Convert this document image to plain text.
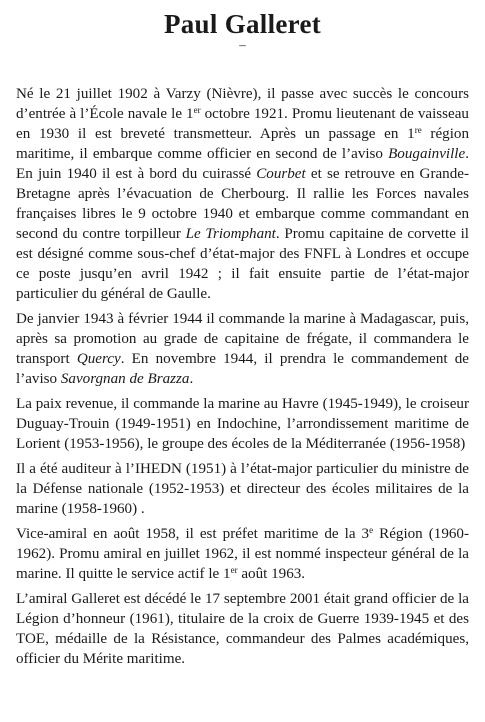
Paul Galleret
–

Né le 21 juillet 1902 à Varzy (Nièvre), il passe avec succès le concours d’entrée à l’École navale le 1er octobre 1921. Promu lieutenant de vaisseau en 1930 il est breveté transmetteur. Après un passage en 1re région maritime, il embarque comme officier en second de l’aviso Bougainville. En juin 1940 il est à bord du cuirassé Courbet et se retrouve en Grande-Bretagne après l’évacuation de Cherbourg. Il rallie les Forces navales françaises libres le 9 octobre 1940 et embarque comme commandant en second du contre torpilleur Le Triomphant. Promu capitaine de corvette il est désigné comme sous-chef d’état-major des FNFL à Londres et occupe ce poste jusqu’en avril 1942 ; il fait ensuite partie de l’état-major particulier du général de Gaulle.

De janvier 1943 à février 1944 il commande la marine à Madagascar, puis, après sa promotion au grade de capitaine de frégate, il commandera le transport Quercy. En novembre 1944, il prendra le commandement de l’aviso Savorgnan de Brazza.

La paix revenue, il commande la marine au Havre (1945-1949), le croiseur Duguay-Trouin (1949-1951) en Indochine, l’arrondissement maritime de Lorient (1953-1956), le groupe des écoles de la Méditerranée (1956-1958)

Il a été auditeur à l’IHEDN (1951) à l’état-major particulier du ministre de la Défense nationale (1952-1953) et directeur des écoles militaires de la marine (1958-1960) .

Vice-amiral en août 1958, il est préfet maritime de la 3e Région (1960-1962). Promu amiral en juillet 1962, il est nommé inspecteur général de la marine. Il quitte le service actif le 1er août 1963.

L’amiral Galleret est décédé le 17 septembre 2001 était grand officier de la Légion d’honneur (1961), titulaire de la croix de Guerre 1939-1945 et des TOE, médaille de la Résistance, commandeur des Palmes académiques, officier du Mérite maritime.
